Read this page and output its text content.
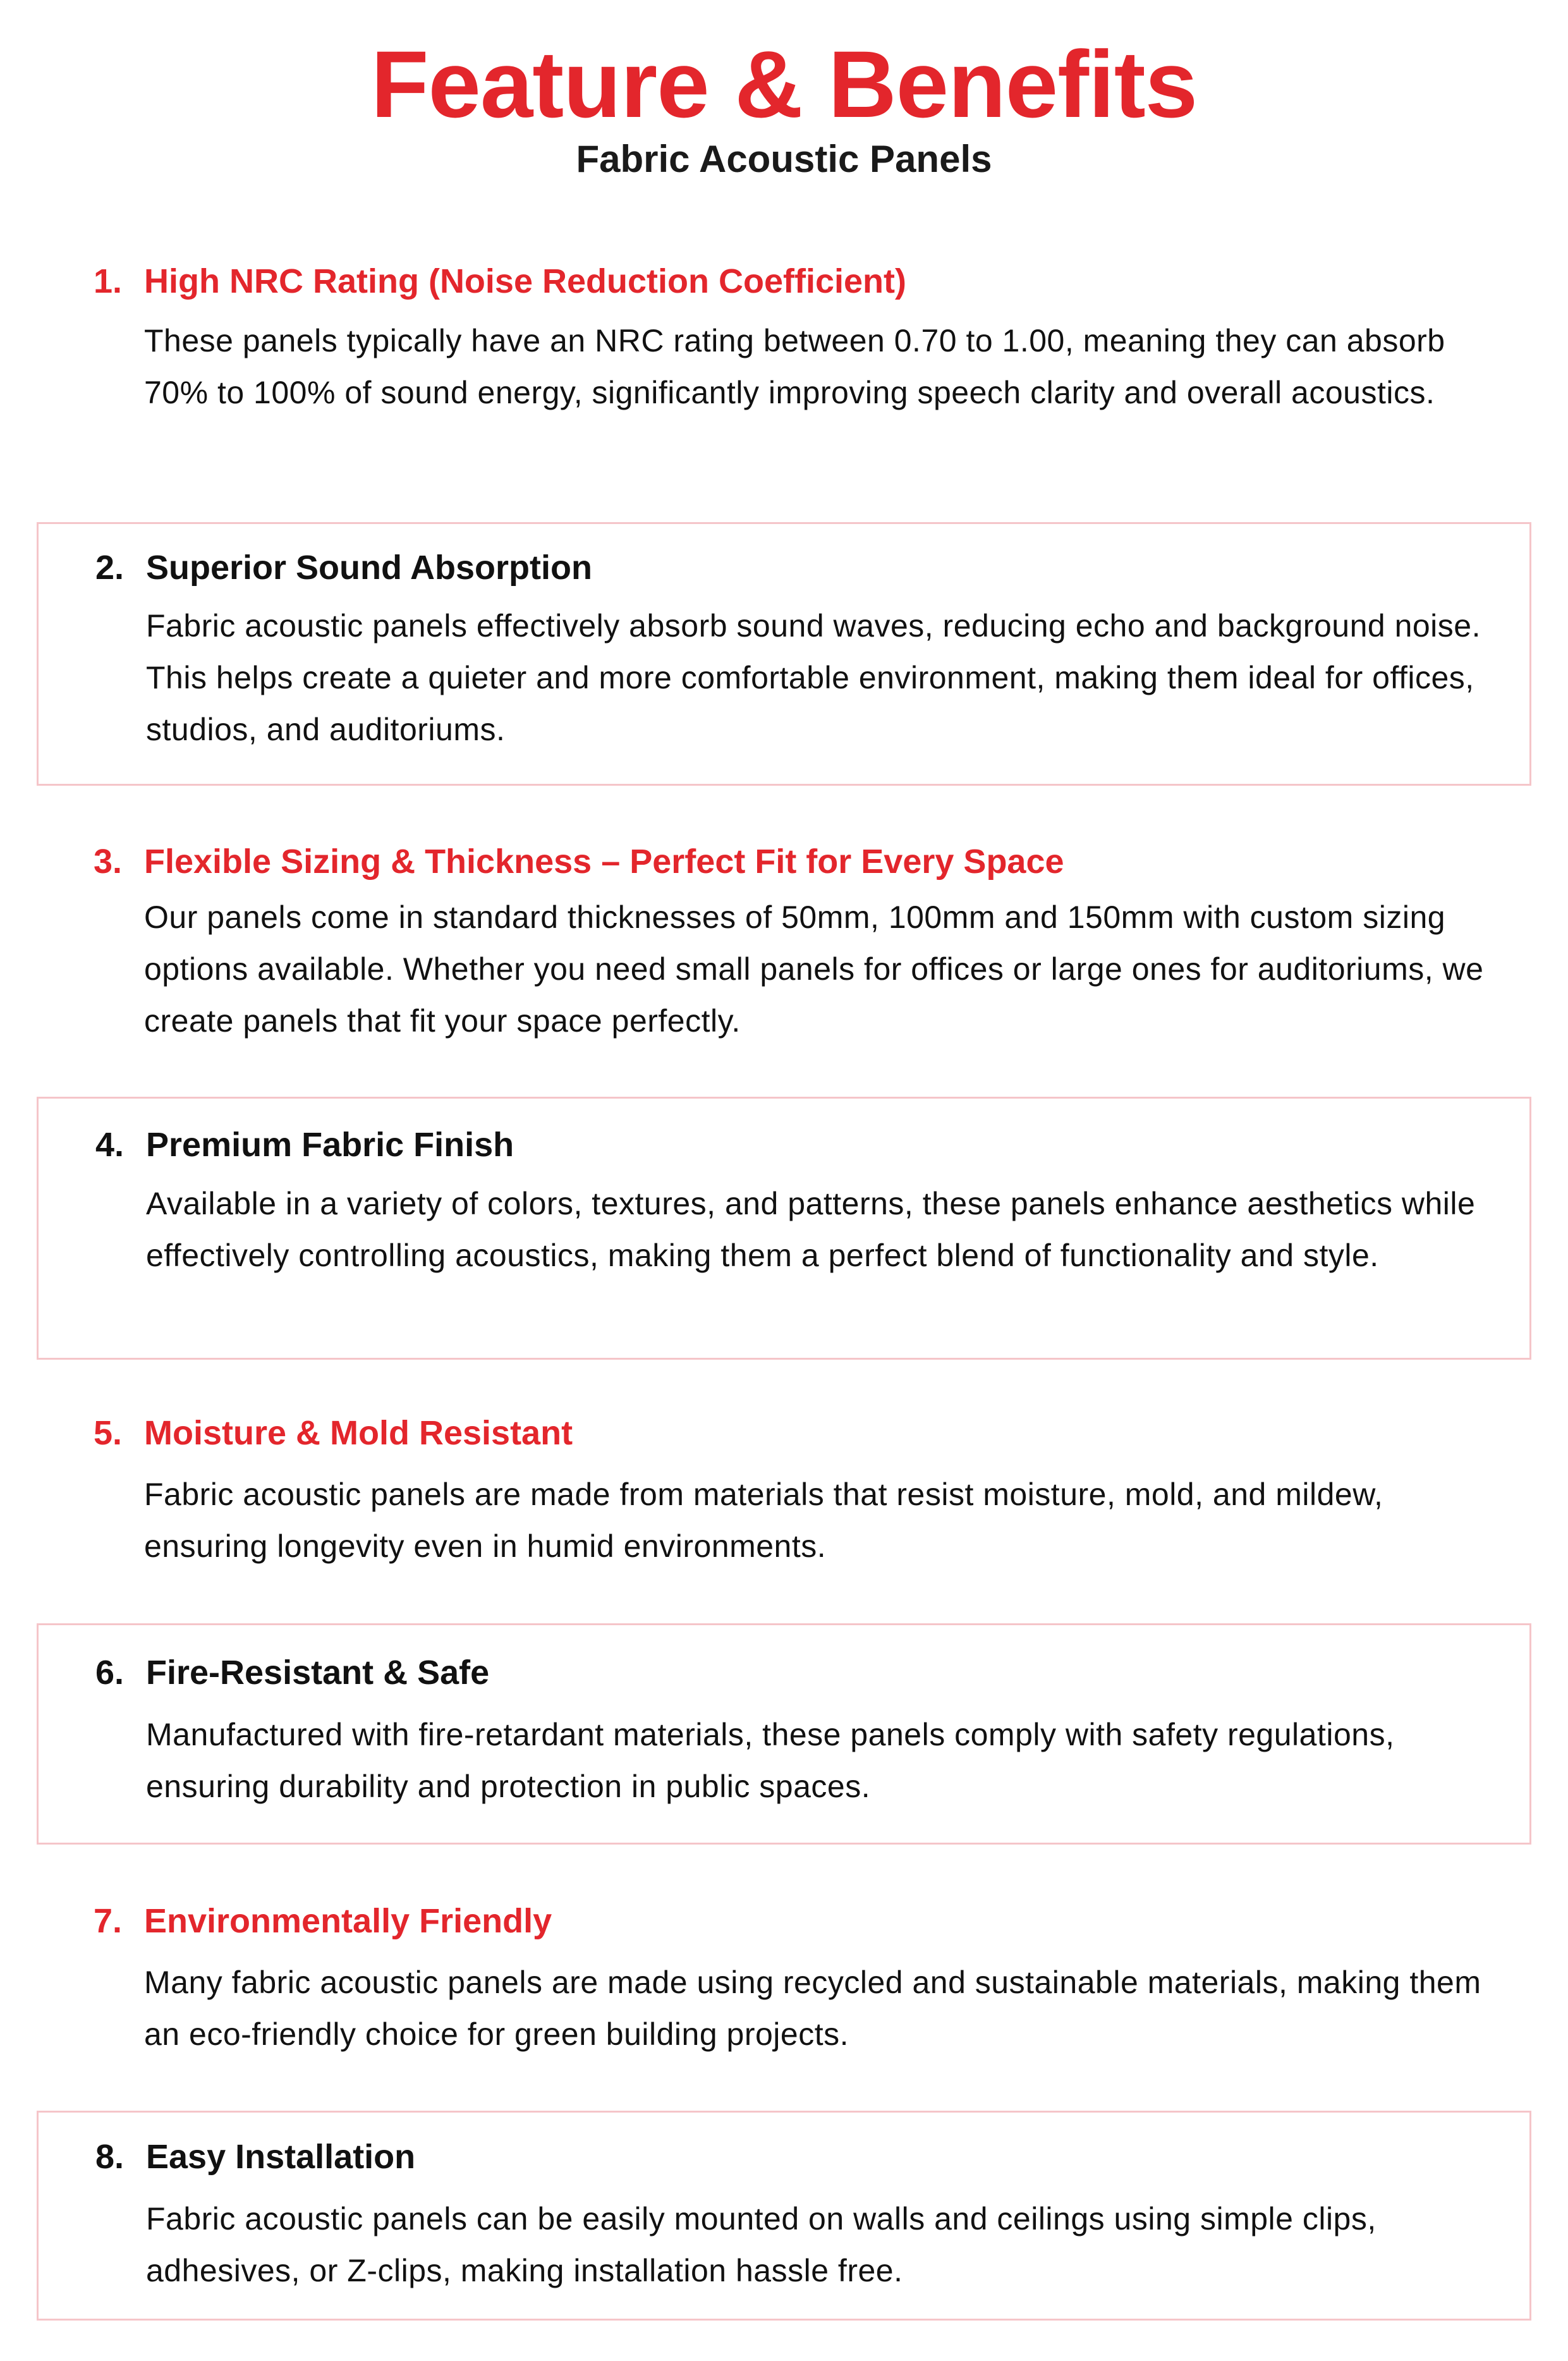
Feature & Benefits
Fabric Acoustic Panels
1. High NRC Rating (Noise Reduction Coefficient)

These panels typically have an NRC rating between 0.70 to 1.00, meaning they can absorb 70% to 100% of sound energy, significantly improving speech clarity and overall acoustics.

2. Superior Sound Absorption

Fabric acoustic panels effectively absorb sound waves, reducing echo and background noise. This helps create a quieter and more comfortable environment, making them ideal for offices, studios, and auditoriums.

3. Flexible Sizing & Thickness – Perfect Fit for Every Space

Our panels come in standard thicknesses of 50mm, 100mm and 150mm with custom sizing options available. Whether you need small panels for offices or large ones for auditoriums, we create panels that fit your space perfectly.

4. Premium Fabric Finish

Available in a variety of colors, textures, and patterns, these panels enhance aesthetics while effectively controlling acoustics, making them a perfect blend of functionality and style.

5. Moisture & Mold Resistant

Fabric acoustic panels are made from materials that resist moisture, mold, and mildew, ensuring longevity even in humid environments.

6. Fire-Resistant & Safe

Manufactured with fire-retardant materials, these panels comply with safety regulations, ensuring durability and protection in public spaces.

7. Environmentally Friendly

Many fabric acoustic panels are made using recycled and sustainable materials, making them an eco-friendly choice for green building projects.

8. Easy Installation

Fabric acoustic panels can be easily mounted on walls and ceilings using simple clips, adhesives, or Z-clips, making installation hassle free.
